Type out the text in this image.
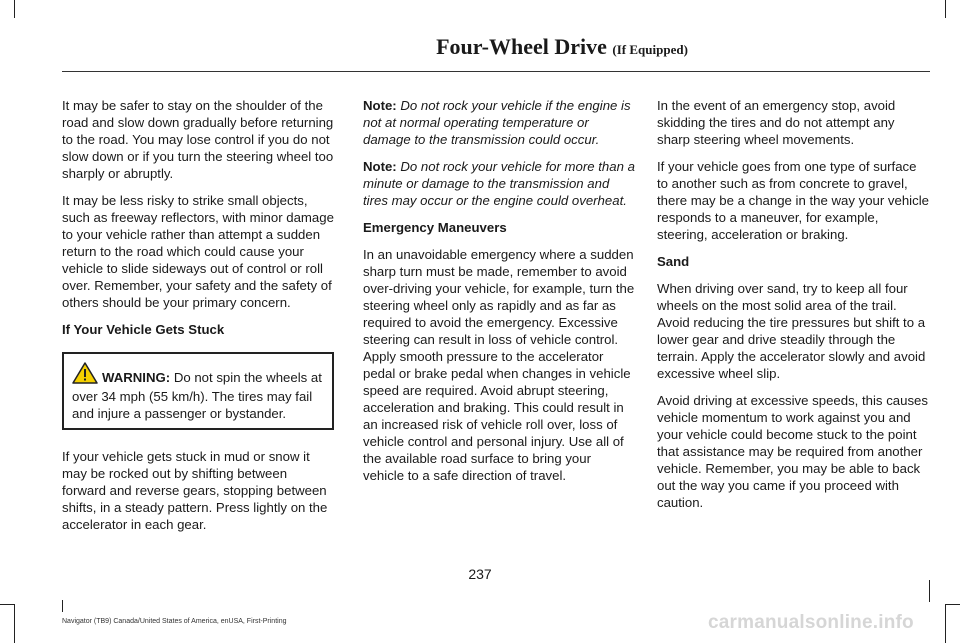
Four-Wheel Drive (If Equipped)

It may be safer to stay on the shoulder of the road and slow down gradually before returning to the road. You may lose control if you do not slow down or if you turn the steering wheel too sharply or abruptly.

It may be less risky to strike small objects, such as freeway reflectors, with minor damage to your vehicle rather than attempt a sudden return to the road which could cause your vehicle to slide sideways out of control or roll over. Remember, your safety and the safety of others should be your primary concern.

If Your Vehicle Gets Stuck

WARNING: Do not spin the wheels at over 34 mph (55 km/h). The tires may fail and injure a passenger or bystander.

If your vehicle gets stuck in mud or snow it may be rocked out by shifting between forward and reverse gears, stopping between shifts, in a steady pattern. Press lightly on the accelerator in each gear.

Note: Do not rock your vehicle if the engine is not at normal operating temperature or damage to the transmission could occur.

Note: Do not rock your vehicle for more than a minute or damage to the transmission and tires may occur or the engine could overheat.

Emergency Maneuvers

In an unavoidable emergency where a sudden sharp turn must be made, remember to avoid over-driving your vehicle, for example, turn the steering wheel only as rapidly and as far as required to avoid the emergency. Excessive steering can result in loss of vehicle control. Apply smooth pressure to the accelerator pedal or brake pedal when changes in vehicle speed are required. Avoid abrupt steering, acceleration and braking. This could result in an increased risk of vehicle roll over, loss of vehicle control and personal injury. Use all of the available road surface to bring your vehicle to a safe direction of travel.

In the event of an emergency stop, avoid skidding the tires and do not attempt any sharp steering wheel movements.

If your vehicle goes from one type of surface to another such as from concrete to gravel, there may be a change in the way your vehicle responds to a maneuver, for example, steering, acceleration or braking.

Sand

When driving over sand, try to keep all four wheels on the most solid area of the trail. Avoid reducing the tire pressures but shift to a lower gear and drive steadily through the terrain. Apply the accelerator slowly and avoid excessive wheel slip.

Avoid driving at excessive speeds, this causes vehicle momentum to work against you and your vehicle could become stuck to the point that assistance may be required from another vehicle. Remember, you may be able to back out the way you came if you proceed with caution.

237
Navigator (TB9) Canada/United States of America, enUSA, First-Printing	carmanualsonline.info
